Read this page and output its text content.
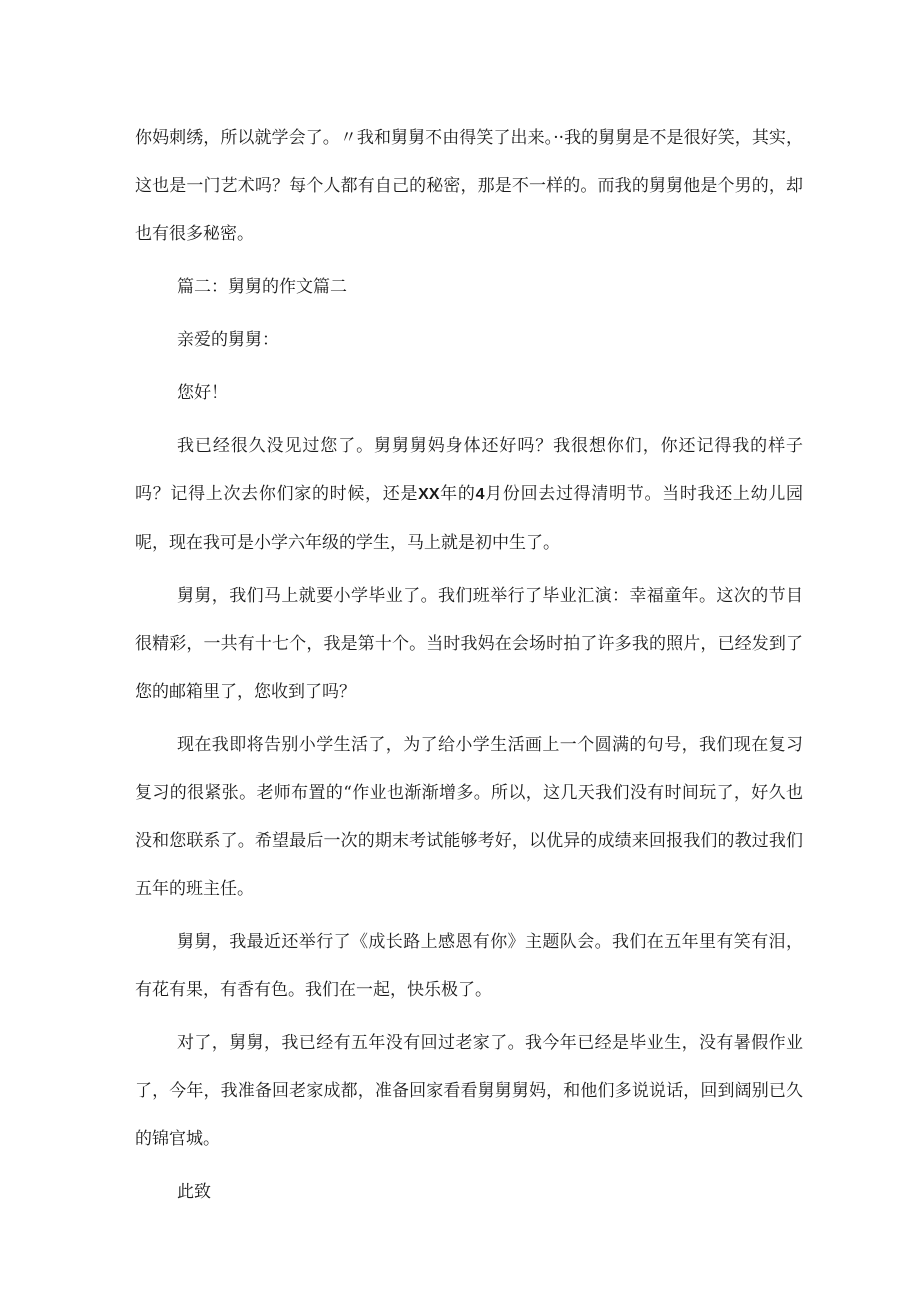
你妈刺绣，所以就学会了。〃我和舅舅不由得笑了出来。··我的舅舅是不是很好笑，其实，这也是一门艺术吗？每个人都有自己的秘密，那是不一样的。而我的舅舅他是个男的，却也有很多秘密。

篇二：舅舅的作文篇二

亲爱的舅舅：

您好！

我已经很久没见过您了。舅舅舅妈身体还好吗？我很想你们，你还记得我的样子吗？记得上次去你们家的时候，还是XX年的4月份回去过得清明节。当时我还上幼儿园呢，现在我可是小学六年级的学生，马上就是初中生了。

舅舅，我们马上就要小学毕业了。我们班举行了毕业汇演：幸福童年。这次的节目很精彩，一共有十七个，我是第十个。当时我妈在会场时拍了许多我的照片，已经发到了您的邮箱里了，您收到了吗？

现在我即将告别小学生活了，为了给小学生活画上一个圆满的句号，我们现在复习复习的很紧张。老师布置的“作业也渐渐增多。所以，这几天我们没有时间玩了，好久也没和您联系了。希望最后一次的期末考试能够考好，以优异的成绩来回报我们的教过我们五年的班主任。

舅舅，我最近还举行了《成长路上感恩有你》主题队会。我们在五年里有笑有泪，有花有果，有香有色。我们在一起，快乐极了。

对了，舅舅，我已经有五年没有回过老家了。我今年已经是毕业生，没有暑假作业了，今年，我准备回老家成都，准备回家看看舅舅舅妈，和他们多说说话，回到阔别已久的锦官城。

此致
